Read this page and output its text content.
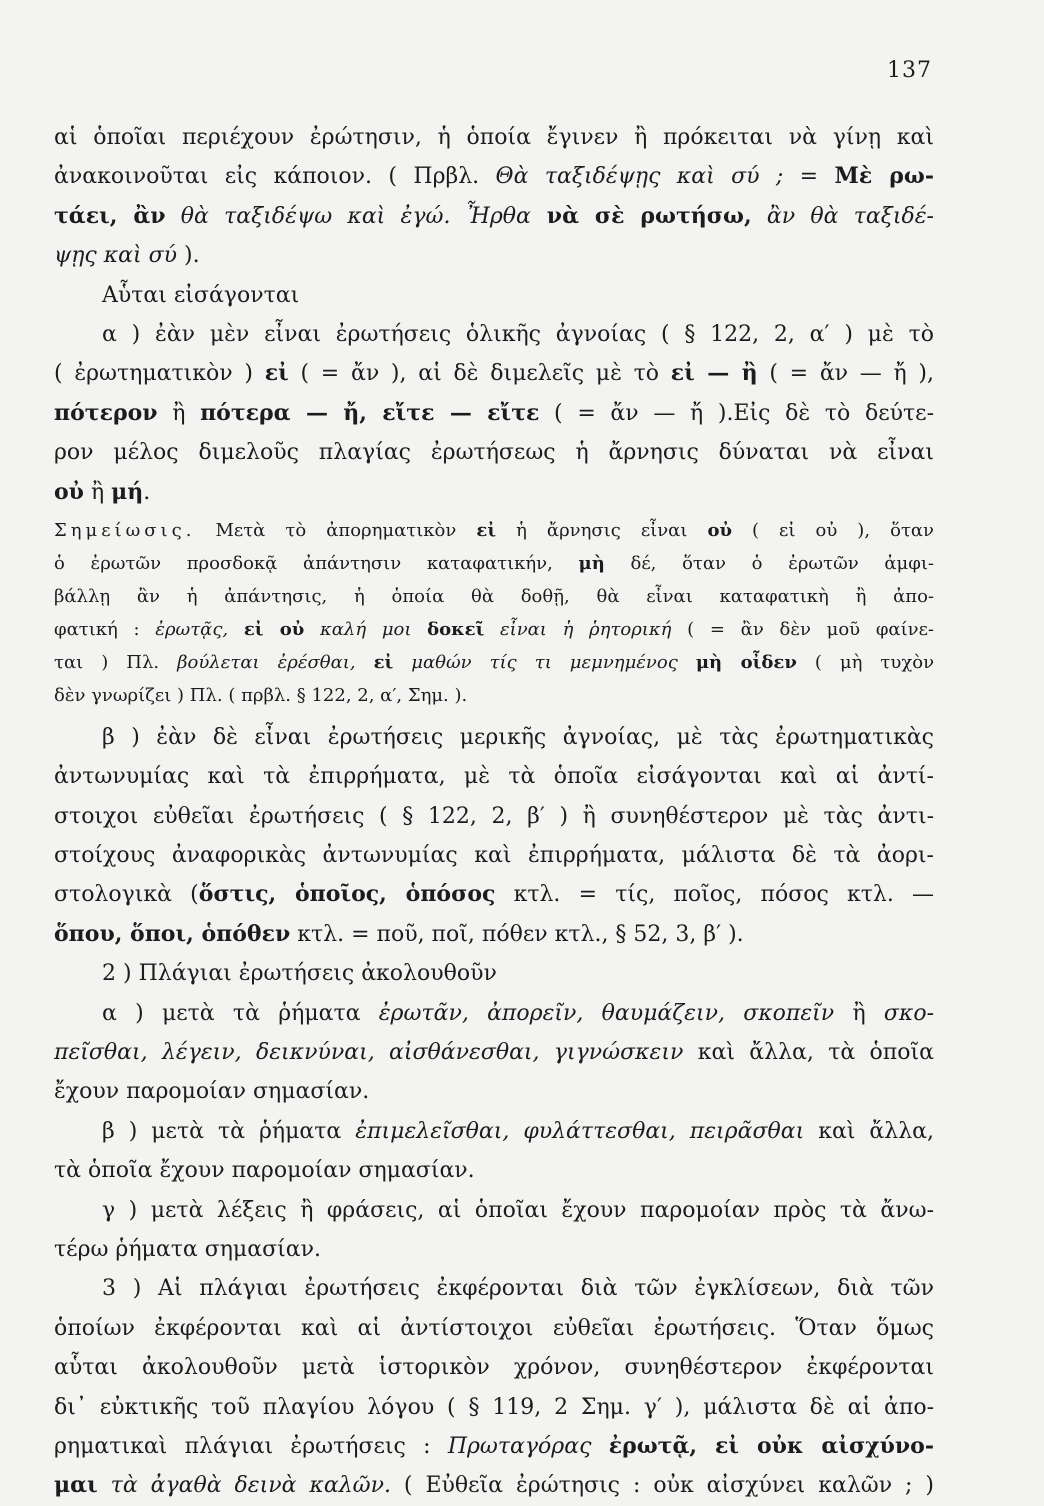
137
αἱ ὁποῖαι περιέχουν ἐρώτησιν, ἡ ὁποία ἔγινεν ἢ πρόκειται νὰ γίνῃ καὶ
ἀνακοινοῦται εἰς κάποιον. ( Πρβλ. Θὰ ταξιδέψῃς καὶ σύ ; = Μὲ ρω-
τάει, ἂν θὰ ταξιδέψω καὶ ἐγώ. Ἦρθα νὰ σὲ ρωτήσω, ἂν θὰ ταξιδέ-
ψῃς καὶ σύ ).
Αὗται εἰσάγονται
α ) ἐὰν μὲν εἶναι ἐρωτήσεις ὁλικῆς ἀγνοίας ( § 122, 2, α′ ) μὲ τὸ
( ἐρωτηματικὸν ) εἰ ( = ἄν ), αἱ δὲ διμελεῖς μὲ τὸ εἰ — ἢ ( = ἄν — ἤ ),
πότερον ἢ πότερα — ἤ, εἴτε — εἴτε ( = ἄν — ἤ ).Εἰς δὲ τὸ δεύτε-
ρον μέλος διμελοῦς πλαγίας ἐρωτήσεως ἡ ἄρνησις δύναται νὰ εἶναι
οὐ ἢ μή.
Σημείωσις. Μετὰ τὸ ἀπορηματικὸν εἰ ἡ ἄρνησις εἶναι οὐ ( εἰ οὐ ), ὅταν
ὁ ἐρωτῶν προσδοκᾷ ἀπάντησιν καταφατικήν, μὴ δέ, ὅταν ὁ ἐρωτῶν ἀμφι-
βάλλῃ ἂν ἡ ἀπάντησις, ἡ ὁποία θὰ δοθῇ, θὰ εἶναι καταφατικὴ ἢ ἀπο-
φατική : ἐρωτᾷς, εἰ οὐ καλή μοι δοκεῖ εἶναι ἡ ῥητορική ( = ἂν δὲν μοῦ φαίνε-
ται ) Πλ. βούλεται ἐρέσθαι, εἰ μαθών τίς τι μεμνημένος μὴ οἶδεν ( μὴ τυχὸν
δὲν γνωρίζει ) Πλ. ( πρβλ. § 122, 2, α′, Σημ. ).
β ) ἐὰν δὲ εἶναι ἐρωτήσεις μερικῆς ἀγνοίας, μὲ τὰς ἐρωτηματικὰς
ἀντωνυμίας καὶ τὰ ἐπιρρήματα, μὲ τὰ ὁποῖα εἰσάγονται καὶ αἱ ἀντί-
στοιχοι εὐθεῖαι ἐρωτήσεις ( § 122, 2, β′ ) ἢ συνηθέστερον μὲ τὰς ἀντι-
στοίχους ἀναφορικὰς ἀντωνυμίας καὶ ἐπιρρήματα, μάλιστα δὲ τὰ ἀορι-
στολογικὰ (ὅστις, ὁποῖος, ὁπόσος κτλ. = τίς, ποῖος, πόσος κτλ. —
ὅπου, ὅποι, ὁπόθεν κτλ. = ποῦ, ποῖ, πόθεν κτλ., § 52, 3, β′ ).
2 ) Πλάγιαι ἐρωτήσεις ἀκολουθοῦν
α ) μετὰ τὰ ῥήματα ἐρωτᾶν, ἀπορεῖν, θαυμάζειν, σκοπεῖν ἢ σκο-
πεῖσθαι, λέγειν, δεικνύναι, αἰσθάνεσθαι, γιγνώσκειν καὶ ἄλλα, τὰ ὁποῖα
ἔχουν παρομοίαν σημασίαν.
β ) μετὰ τὰ ῥήματα ἐπιμελεῖσθαι, φυλάττεσθαι, πειρᾶσθαι καὶ ἄλλα,
τὰ ὁποῖα ἔχουν παρομοίαν σημασίαν.
γ ) μετὰ λέξεις ἢ φράσεις, αἱ ὁποῖαι ἔχουν παρομοίαν πρὸς τὰ ἄνω-
τέρω ῥήματα σημασίαν.
3 ) Αἱ πλάγιαι ἐρωτήσεις ἐκφέρονται διὰ τῶν ἐγκλίσεων, διὰ τῶν
ὁποίων ἐκφέρονται καὶ αἱ ἀντίστοιχοι εὐθεῖαι ἐρωτήσεις. Ὅταν ὅμως
αὗται ἀκολουθοῦν μετὰ ἱστορικὸν χρόνον, συνηθέστερον ἐκφέρονται
δι᾿ εὐκτικῆς τοῦ πλαγίου λόγου ( § 119, 2 Σημ. γ′ ), μάλιστα δὲ αἱ ἀπο-
ρηματικαὶ πλάγιαι ἐρωτήσεις : Πρωταγόρας ἐρωτᾷ, εἰ οὐκ αἰσχύνο-
μαι τὰ ἀγαθὰ δεινὰ καλῶν. ( Εὐθεῖα ἐρώτησις : οὐκ αἰσχύνει καλῶν ; )
